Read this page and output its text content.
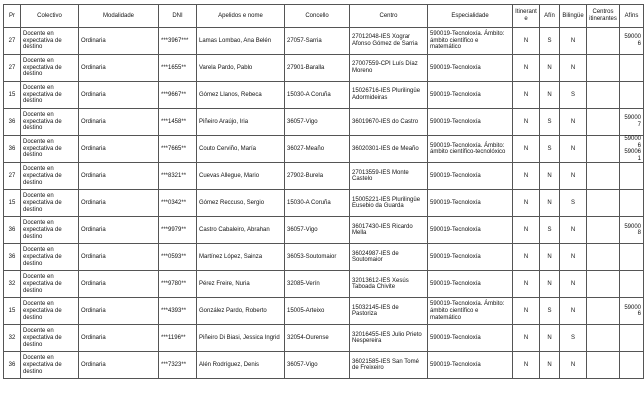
Pr	Colectivo	Modalidade	DNI	Apelidos e nome	Concello	Centro	Especialidade	Itinerante	Afín	Bilingüe	Centros itinerantes	Afíns
27	Docente en expectativa de destino	Ordinaria	***3967***	Lamas Lombao, Ana Belén	27057-Sarria	27012048-IES Xograr Afonso Gómez de Sarria	590019-Tecnoloxía. Ámbito: ámbito científico e matemático	N	S	N		590006
27	Docente en expectativa de destino	Ordinaria	***1655**	Varela Pardo, Pablo	27901-Baralla	27007559-CPI Luís Díaz Moreno	590019-Tecnoloxía	N	N	N		
15	Docente en expectativa de destino	Ordinaria	***9667**	Gómez Llanos, Rebeca	15030-A Coruña	15026716-IES Plurilingüe Adormideiras	590019-Tecnoloxía	N	N	S		
36	Docente en expectativa de destino	Ordinaria	***1458**	Piñeiro Araújo, Iria	36057-Vigo	36019670-IES do Castro	590019-Tecnoloxía	N	S	N		590007
36	Docente en expectativa de destino	Ordinaria	***7665**	Couto Cerviño, María	36027-Meaño	36020301-IES de Meaño	590019-Tecnoloxía. Ámbito: ámbito científico-tecnolóxico	N	S	N		590006 590061
27	Docente en expectativa de destino	Ordinaria	***8321**	Cuevas Allegue, Mario	27902-Burela	27013559-IES Monte Castelo	590019-Tecnoloxía	N	N	N		
15	Docente en expectativa de destino	Ordinaria	***0342**	Gómez Reccuso, Sergio	15030-A Coruña	15005221-IES Plurilingüe Eusebio da Guarda	590019-Tecnoloxía	N	N	S		
36	Docente en expectativa de destino	Ordinaria	***9979**	Castro Cabaleiro, Abrahan	36057-Vigo	36017430-IES Ricardo Mella	590019-Tecnoloxía	N	S	N		590008
36	Docente en expectativa de destino	Ordinaria	***0593**	Martínez López, Sainza	36053-Soutomaior	36024987-IES de Soutomaior	590019-Tecnoloxía	N	N	N		
32	Docente en expectativa de destino	Ordinaria	***9780**	Pérez Freire, Nuria	32085-Verín	32013612-IES Xesús Taboada Chivite	590019-Tecnoloxía	N	N	N		
15	Docente en expectativa de destino	Ordinaria	***4393**	González Pardo, Roberto	15005-Arteixo	15032145-IES de Pastoriza	590019-Tecnoloxía. Ámbito: ámbito científico e matemático	N	S	N		590006
32	Docente en expectativa de destino	Ordinaria	***1196**	Piñeiro Di Biasi, Jessica Ingrid	32054-Ourense	32016455-IES Julio Prieto Nespereira	590019-Tecnoloxía	N	N	S		
36	Docente en expectativa de destino	Ordinaria	***7323**	Alén Rodríguez, Denis	36057-Vigo	36021585-IES San Tomé de Freixeiro	590019-Tecnoloxía	N	N	N		
